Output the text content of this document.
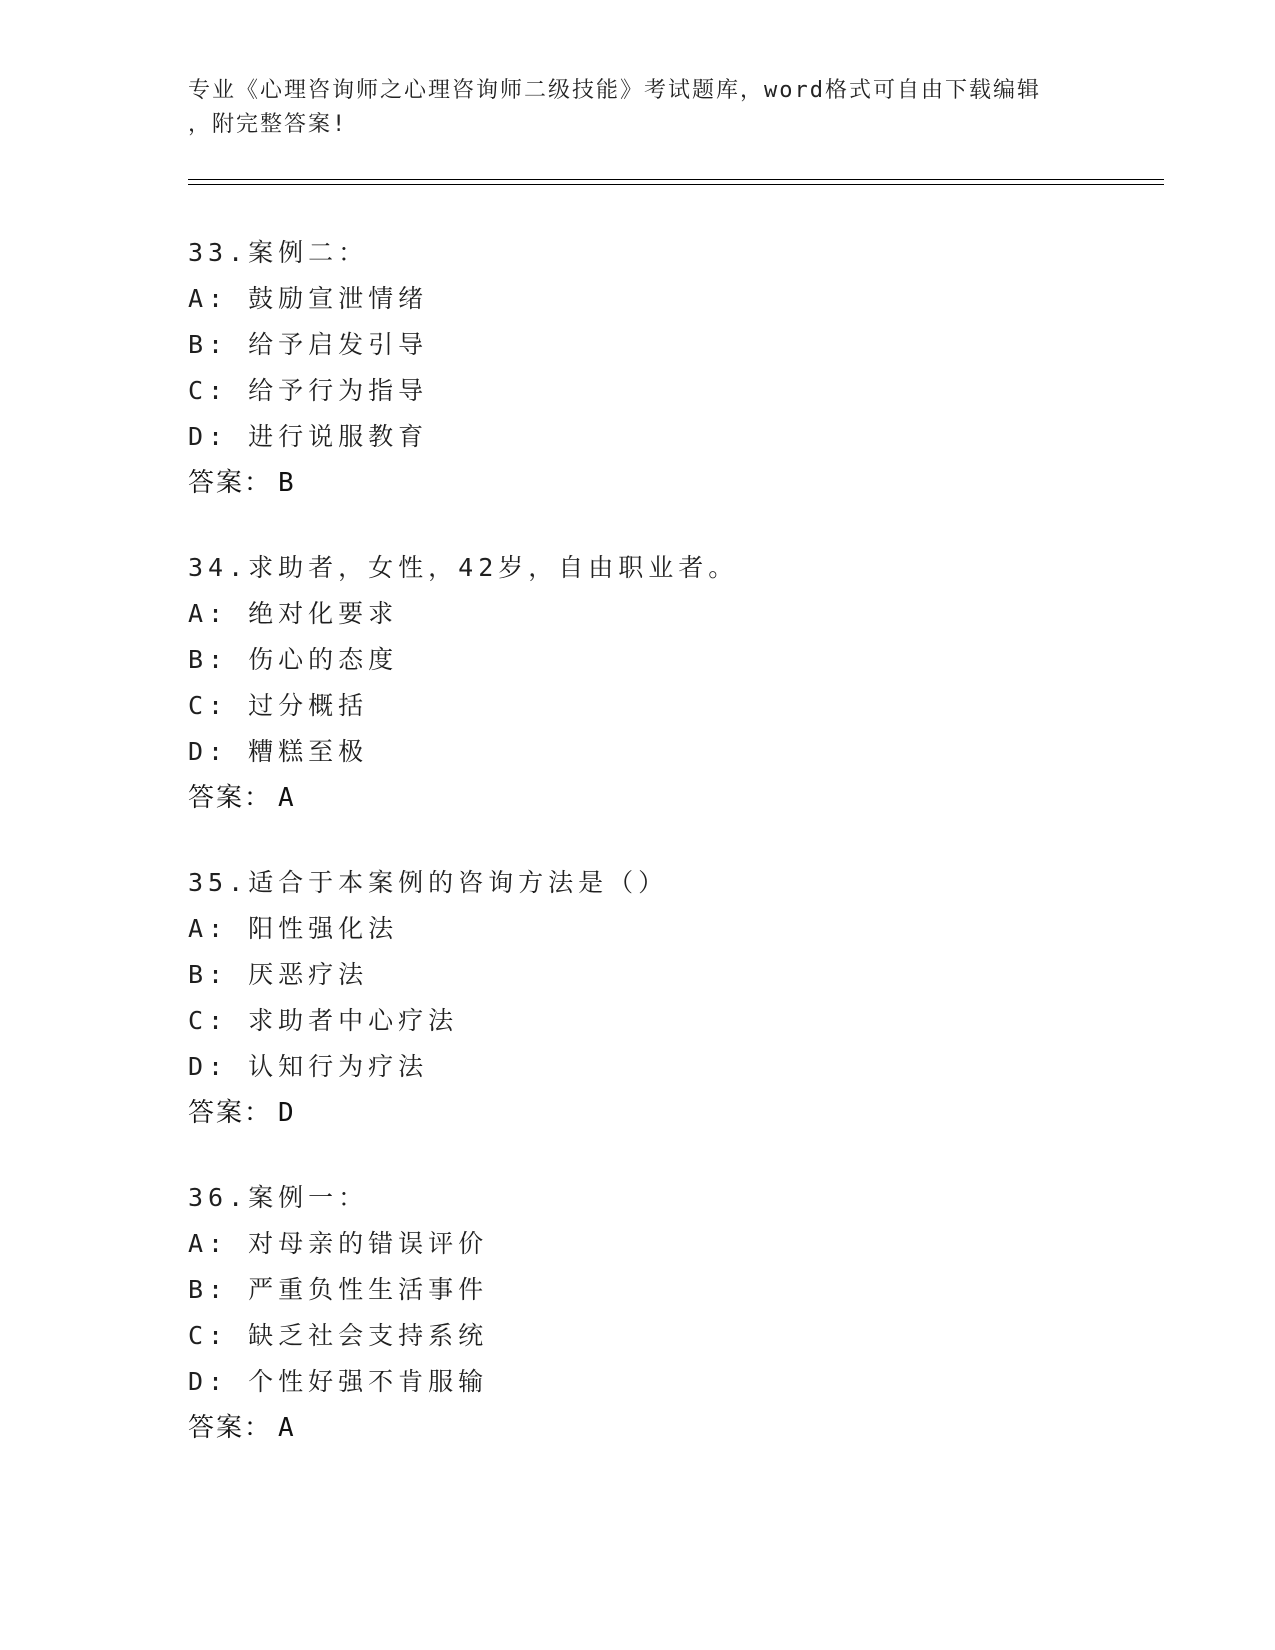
专业《心理咨询师之心理咨询师二级技能》考试题库，word格式可自由下载编辑
，附完整答案!
33.案例二：
A: 鼓励宣泄情绪
B: 给予启发引导
C: 给予行为指导
D: 进行说服教育
答案： B
34.求助者，女性，42岁，自由职业者。
A: 绝对化要求
B: 伤心的态度
C: 过分概括
D: 糟糕至极
答案： A
35.适合于本案例的咨询方法是（）
A: 阳性强化法
B: 厌恶疗法
C: 求助者中心疗法
D: 认知行为疗法
答案： D
36.案例一：
A: 对母亲的错误评价
B: 严重负性生活事件
C: 缺乏社会支持系统
D: 个性好强不肯服输
答案： A
